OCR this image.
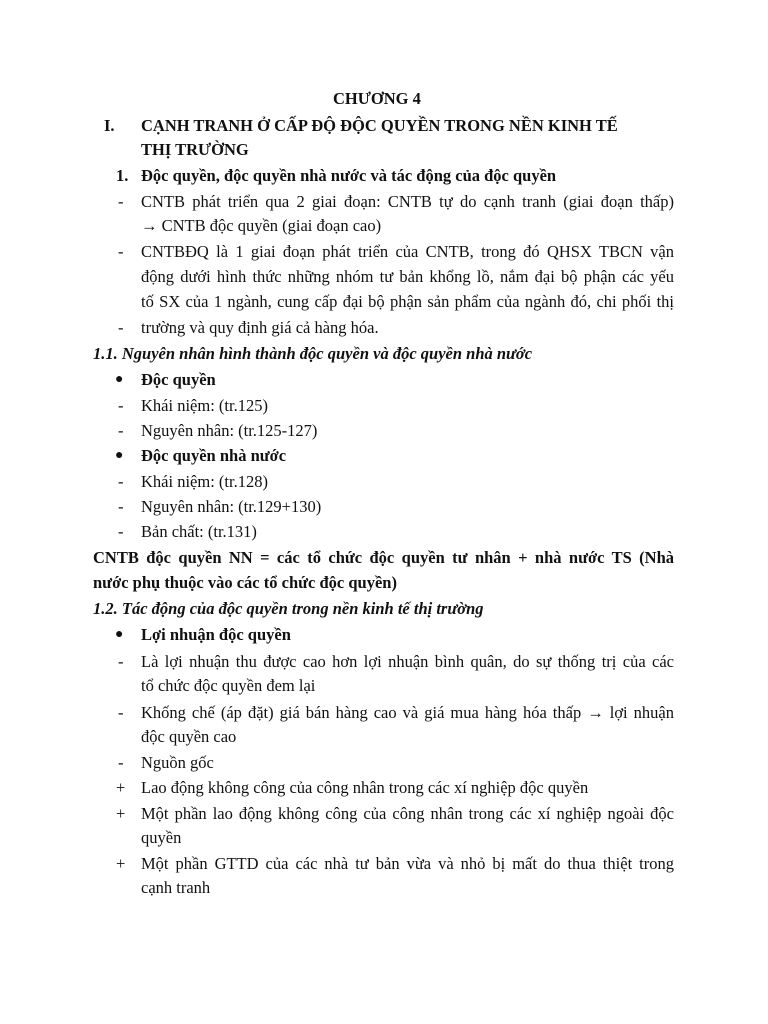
CHƯƠNG 4
I. CẠNH TRANH Ở CẤP ĐỘ ĐỘC QUYỀN TRONG NỀN KINH TẾ
THỊ TRƯỜNG
1. Độc quyền, độc quyền nhà nước và tác động của độc quyền
- CNTB phát triển qua 2 giai đoạn: CNTB tự do cạnh tranh (giai đoạn thấp)
→ CNTB độc quyền (giai đoạn cao)
- CNTBĐQ là 1 giai đoạn phát triển của CNTB, trong đó QHSX TBCN vận
động dưới hình thức những nhóm tư bản khổng lồ, nắm đại bộ phận các yếu
tố SX của 1 ngành, cung cấp đại bộ phận sản phẩm của ngành đó, chi phối thị
- trường và quy định giá cả hàng hóa.
1.1. Nguyên nhân hình thành độc quyền và độc quyền nhà nước
● Độc quyền
- Khái niệm: (tr.125)
- Nguyên nhân: (tr.125-127)
● Độc quyền nhà nước
- Khái niệm: (tr.128)
- Nguyên nhân: (tr.129+130)
- Bản chất: (tr.131)
CNTB độc quyền NN = các tổ chức độc quyền tư nhân + nhà nước TS (Nhà
nước phụ thuộc vào các tổ chức độc quyền)
1.2. Tác động của độc quyền trong nền kinh tế thị trường
● Lợi nhuận độc quyền
- Là lợi nhuận thu được cao hơn lợi nhuận bình quân, do sự thống trị của các
tổ chức độc quyền đem lại
- Khống chế (áp đặt) giá bán hàng cao và giá mua hàng hóa thấp → lợi nhuận
độc quyền cao
- Nguồn gốc
+ Lao động không công của công nhân trong các xí nghiệp độc quyền
+ Một phần lao động không công của công nhân trong các xí nghiệp ngoài độc
quyền
+ Một phần GTTD của các nhà tư bản vừa và nhỏ bị mất do thua thiệt trong
cạnh tranh
